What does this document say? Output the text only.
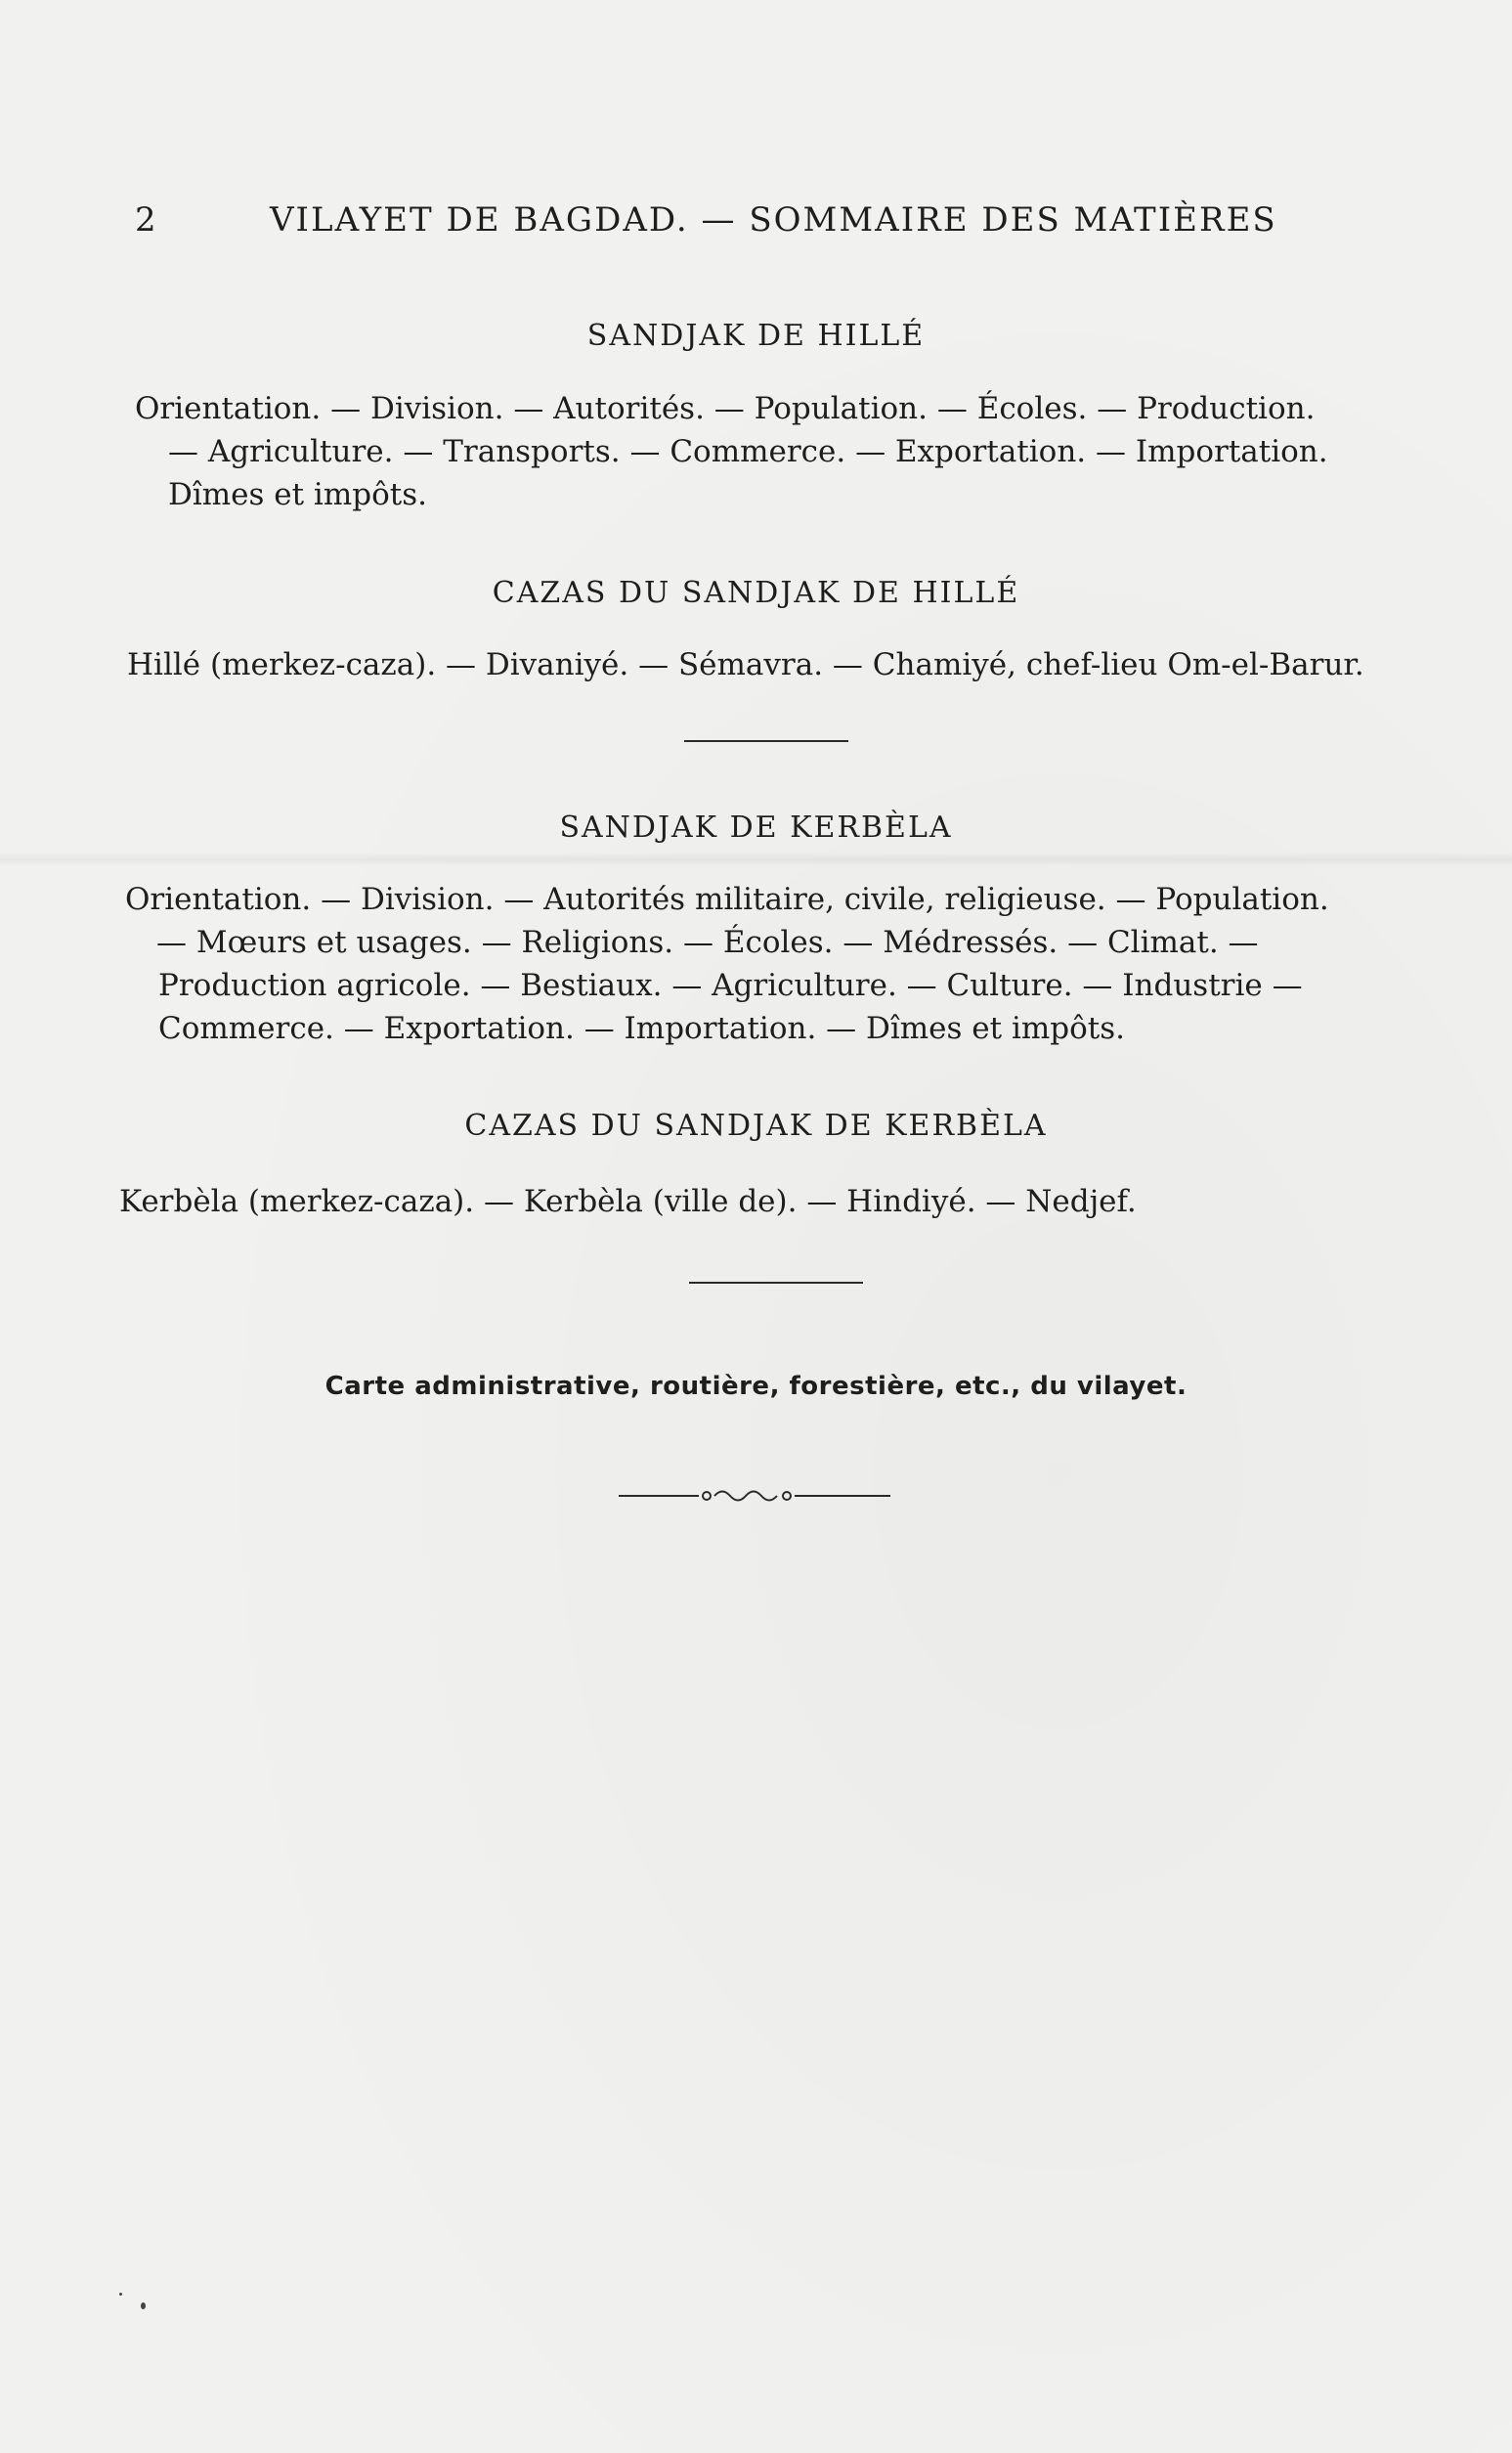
2	VILAYET DE BAGDAD. — SOMMAIRE DES MATIÈRES
SANDJAK DE HILLÉ
Orientation. — Division. — Autorités. — Population. — Écoles. — Production.
— Agriculture. — Transports. — Commerce. — Exportation. — Importation.
Dîmes et impôts.
CAZAS DU SANDJAK DE HILLÉ
Hillé (merkez-caza). — Divaniyé. — Sémavra. — Chamiyé, chef-lieu Om-el-Barur.
SANDJAK DE KERBÈLA
Orientation. — Division. — Autorités militaire, civile, religieuse. — Population.
— Mœurs et usages. — Religions. — Écoles. — Médressés. — Climat. —
Production agricole. — Bestiaux. — Agriculture. — Culture. — Industrie —
Commerce. — Exportation. — Importation. — Dîmes et impôts.
CAZAS DU SANDJAK DE KERBÈLA
Kerbèla (merkez-caza). — Kerbèla (ville de). — Hindiyé. — Nedjef.
Carte administrative, routière, forestière, etc., du vilayet.
